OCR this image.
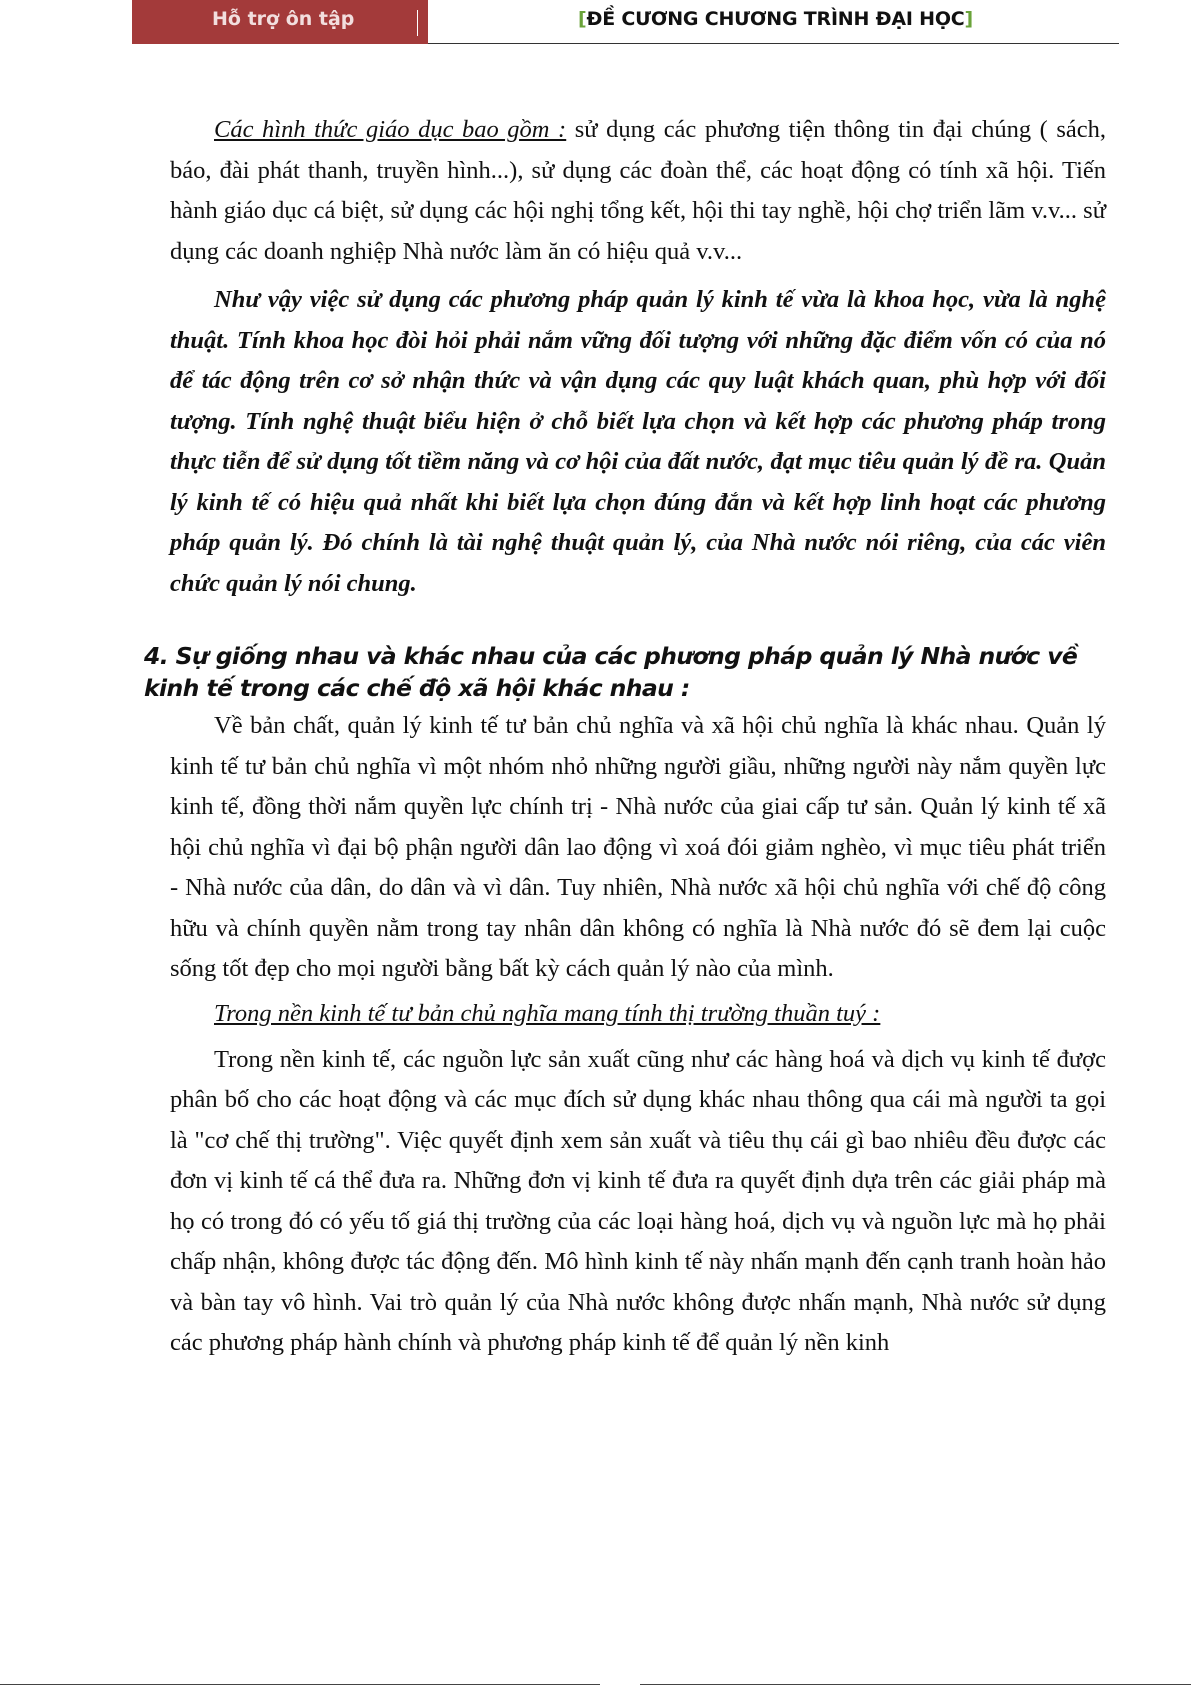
Hỗ trợ ôn tập	[ĐỀ CƯƠNG CHƯƠNG TRÌNH ĐẠI HỌC]

Các hình thức giáo dục bao gồm : sử dụng các phương tiện thông tin đại chúng ( sách, báo, đài phát thanh, truyền hình...), sử dụng các đoàn thể, các hoạt động có tính xã hội. Tiến hành giáo dục cá biệt, sử dụng các hội nghị tổng kết, hội thi tay nghề, hội chợ triển lãm v.v... sử dụng các doanh nghiệp Nhà nước làm ăn có hiệu quả v.v...

Như vậy việc sử dụng các phương pháp quản lý kinh tế vừa là khoa học, vừa là nghệ thuật. Tính khoa học đòi hỏi phải nắm vững đối tượng với những đặc điểm vốn có của nó để tác động trên cơ sở nhận thức và vận dụng các quy luật khách quan, phù hợp với đối tượng. Tính nghệ thuật biểu hiện ở chỗ biết lựa chọn và kết hợp các phương pháp trong thực tiễn để sử dụng tốt tiềm năng và cơ hội của đất nước, đạt mục tiêu quản lý đề ra. Quản lý kinh tế có hiệu quả nhất khi biết lựa chọn đúng đắn và kết hợp linh hoạt các phương pháp quản lý. Đó chính là tài nghệ thuật quản lý, của Nhà nước nói riêng, của các viên chức quản lý nói chung.

4. Sự giống nhau và khác nhau của các phương pháp quản lý Nhà nước về kinh tế trong các chế độ xã hội khác nhau :

Về bản chất, quản lý kinh tế tư bản chủ nghĩa và xã hội chủ nghĩa là khác nhau. Quản lý kinh tế tư bản chủ nghĩa vì một nhóm nhỏ những người giầu, những người này nắm quyền lực kinh tế, đồng thời nắm quyền lực chính trị - Nhà nước của giai cấp tư sản. Quản lý kinh tế xã hội chủ nghĩa vì đại bộ phận người dân lao động vì xoá đói giảm nghèo, vì mục tiêu phát triển - Nhà nước của dân, do dân và vì dân. Tuy nhiên, Nhà nước xã hội chủ nghĩa với chế độ công hữu và chính quyền nằm trong tay nhân dân không có nghĩa là Nhà nước đó sẽ đem lại cuộc sống tốt đẹp cho mọi người bằng bất kỳ cách quản lý nào của mình.

Trong nền kinh tế tư bản chủ nghĩa mang tính thị trường thuần tuý :

Trong nền kinh tế, các nguồn lực sản xuất cũng như các hàng hoá và dịch vụ kinh tế được phân bố cho các hoạt động và các mục đích sử dụng khác nhau thông qua cái mà người ta gọi là "cơ chế thị trường". Việc quyết định xem sản xuất và tiêu thụ cái gì bao nhiêu đều được các đơn vị kinh tế cá thể đưa ra. Những đơn vị kinh tế đưa ra quyết định dựa trên các giải pháp mà họ có trong đó có yếu tố giá thị trường của các loại hàng hoá, dịch vụ và nguồn lực mà họ phải chấp nhận, không được tác động đến. Mô hình kinh tế này nhấn mạnh đến cạnh tranh hoàn hảo và bàn tay vô hình. Vai trò quản lý của Nhà nước không được nhấn mạnh, Nhà nước sử dụng các phương pháp hành chính và phương pháp kinh tế để quản lý nền kinh
